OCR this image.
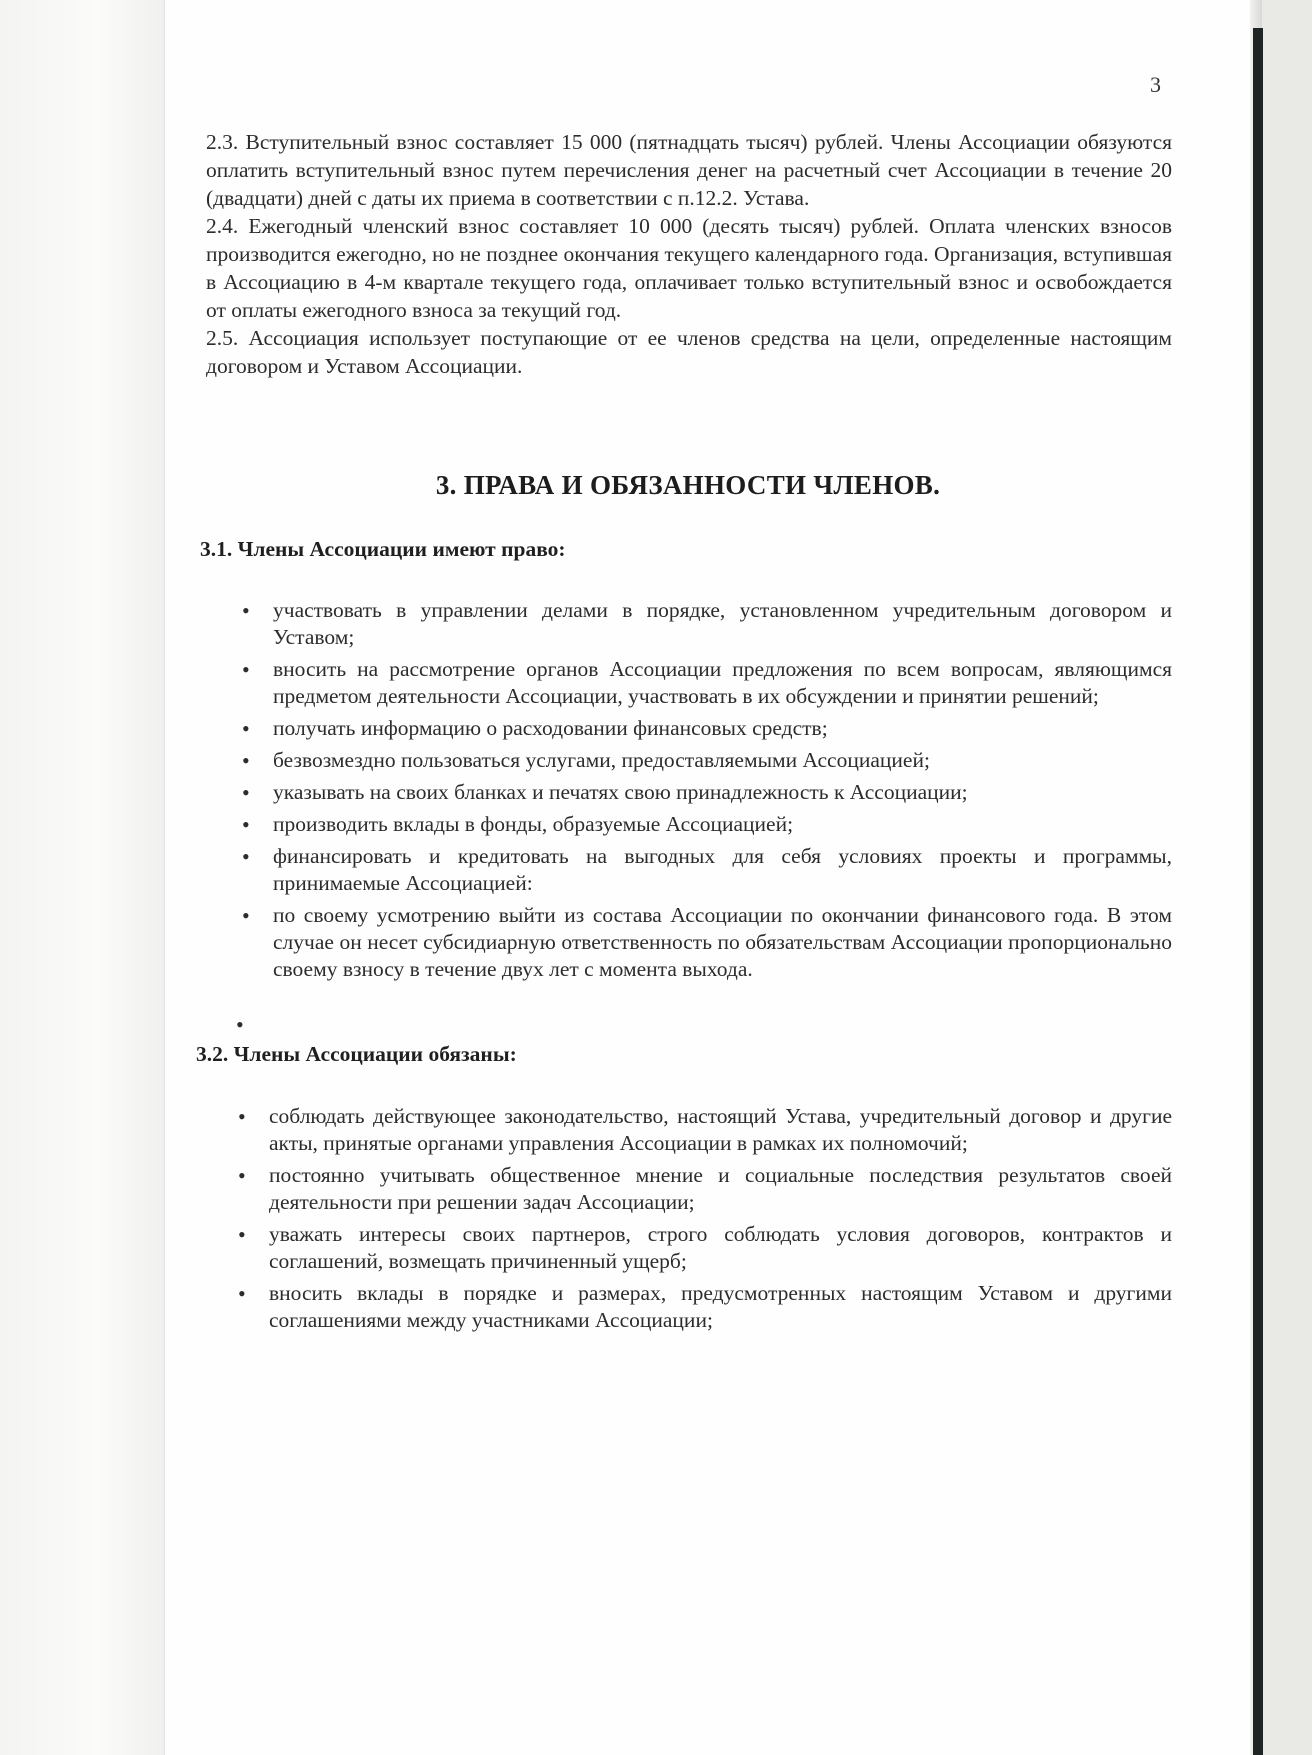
3

2.3. Вступительный взнос составляет 15 000 (пятнадцать тысяч) рублей. Члены Ассоциации обязуются оплатить вступительный взнос путем перечисления денег на расчетный счет Ассоциации в течение 20 (двадцати) дней с даты их приема в соответствии с п.12.2. Устава.

2.4. Ежегодный членский взнос составляет 10 000 (десять тысяч) рублей. Оплата членских взносов производится ежегодно, но не позднее окончания текущего календарного года. Организация, вступившая в Ассоциацию в 4-м квартале текущего года, оплачивает только вступительный взнос и освобождается от оплаты ежегодного взноса за текущий год.

2.5. Ассоциация использует поступающие от ее членов средства на цели, определенные настоящим договором и Уставом Ассоциации.

3. ПРАВА И ОБЯЗАННОСТИ ЧЛЕНОВ.
3.1. Члены Ассоциации имеют право:
• участвовать в управлении делами в порядке, установленном учредительным договором и Уставом;
• вносить на рассмотрение органов Ассоциации предложения по всем вопросам, являющимся предметом деятельности Ассоциации, участвовать в их обсуждении и принятии решений;
• получать информацию о расходовании финансовых средств;
• безвозмездно пользоваться услугами, предоставляемыми Ассоциацией;
• указывать на своих бланках и печатях свою принадлежность к Ассоциации;
• производить вклады в фонды, образуемые Ассоциацией;
• финансировать и кредитовать на выгодных для себя условиях проекты и программы, принимаемые Ассоциацией:
• по своему усмотрению выйти из состава Ассоциации по окончании финансового года. В этом случае он несет субсидиарную ответственность по обязательствам Ассоциации пропорционально своему взносу в течение двух лет с момента выхода.
•
3.2. Члены Ассоциации обязаны:
• соблюдать действующее законодательство, настоящий Устава, учредительный договор и другие акты, принятые органами управления Ассоциации в рамках их полномочий;
• постоянно учитывать общественное мнение и социальные последствия результатов своей деятельности при решении задач Ассоциации;
• уважать интересы своих партнеров, строго соблюдать условия договоров, контрактов и соглашений, возмещать причиненный ущерб;
• вносить вклады в порядке и размерах, предусмотренных настоящим Уставом и другими соглашениями между участниками Ассоциации;
